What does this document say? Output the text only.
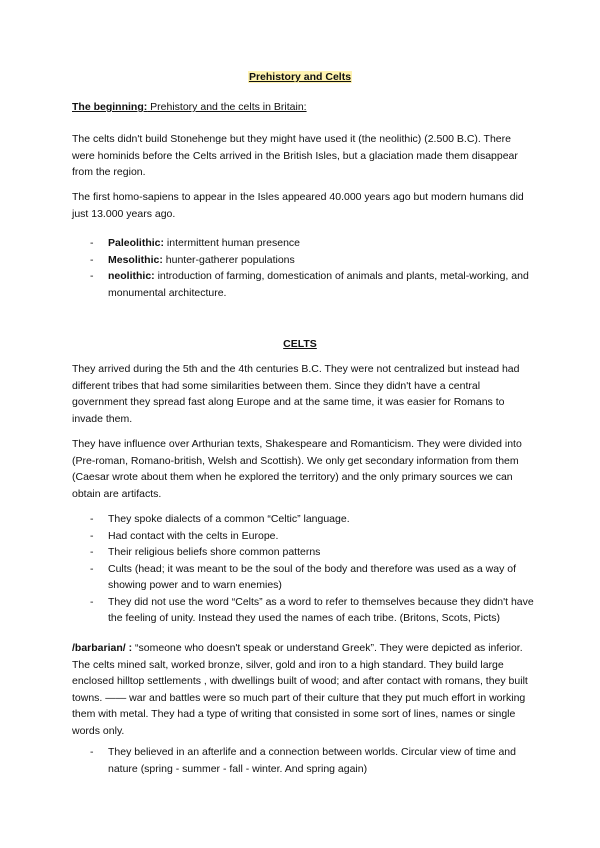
Prehistory and Celts
The beginning: Prehistory and the celts in Britain:
The celts didn't build Stonehenge but they might have used it (the neolithic) (2.500 B.C). There were hominids before the Celts arrived in the British Isles, but a glaciation made them disappear from the region.
The first homo-sapiens to appear in the Isles appeared 40.000 years ago but modern humans did just 13.000 years ago.
- Paleolithic: intermittent human presence
- Mesolithic: hunter-gatherer populations
- neolithic: introduction of farming, domestication of animals and plants, metal-working, and monumental architecture.
CELTS
They arrived during the 5th and the 4th centuries B.C. They were not centralized but instead had different tribes that had some similarities between them. Since they didn't have a central government they spread fast along Europe and at the same time, it was easier for Romans to invade them.
They have influence over Arthurian texts, Shakespeare and Romanticism. They were divided into (Pre-roman, Romano-british, Welsh and Scottish). We only get secondary information from them (Caesar wrote about them when he explored the territory) and the only primary sources we can obtain are artifacts.
- They spoke dialects of a common “Celtic” language.
- Had contact with the celts in Europe.
- Their religious beliefs shore common patterns
- Cults (head; it was meant to be the soul of the body and therefore was used as a way of showing power and to warn enemies)
- They did not use the word “Celts” as a word to refer to themselves because they didn't have the feeling of unity. Instead they used the names of each tribe. (Britons, Scots, Picts)
/barbarian/ : “someone who doesn't speak or understand Greek”. They were depicted as inferior. The celts mined salt, worked bronze, silver, gold and iron to a high standard. They build large enclosed hilltop settlements , with dwellings built of wood; and after contact with romans, they built towns. —— war and battles were so much part of their culture that they put much effort in working them with metal. They had a type of writing that consisted in some sort of lines, names or single words only.
- They believed in an afterlife and a connection between worlds. Circular view of time and nature (spring - summer - fall - winter. And spring again)
